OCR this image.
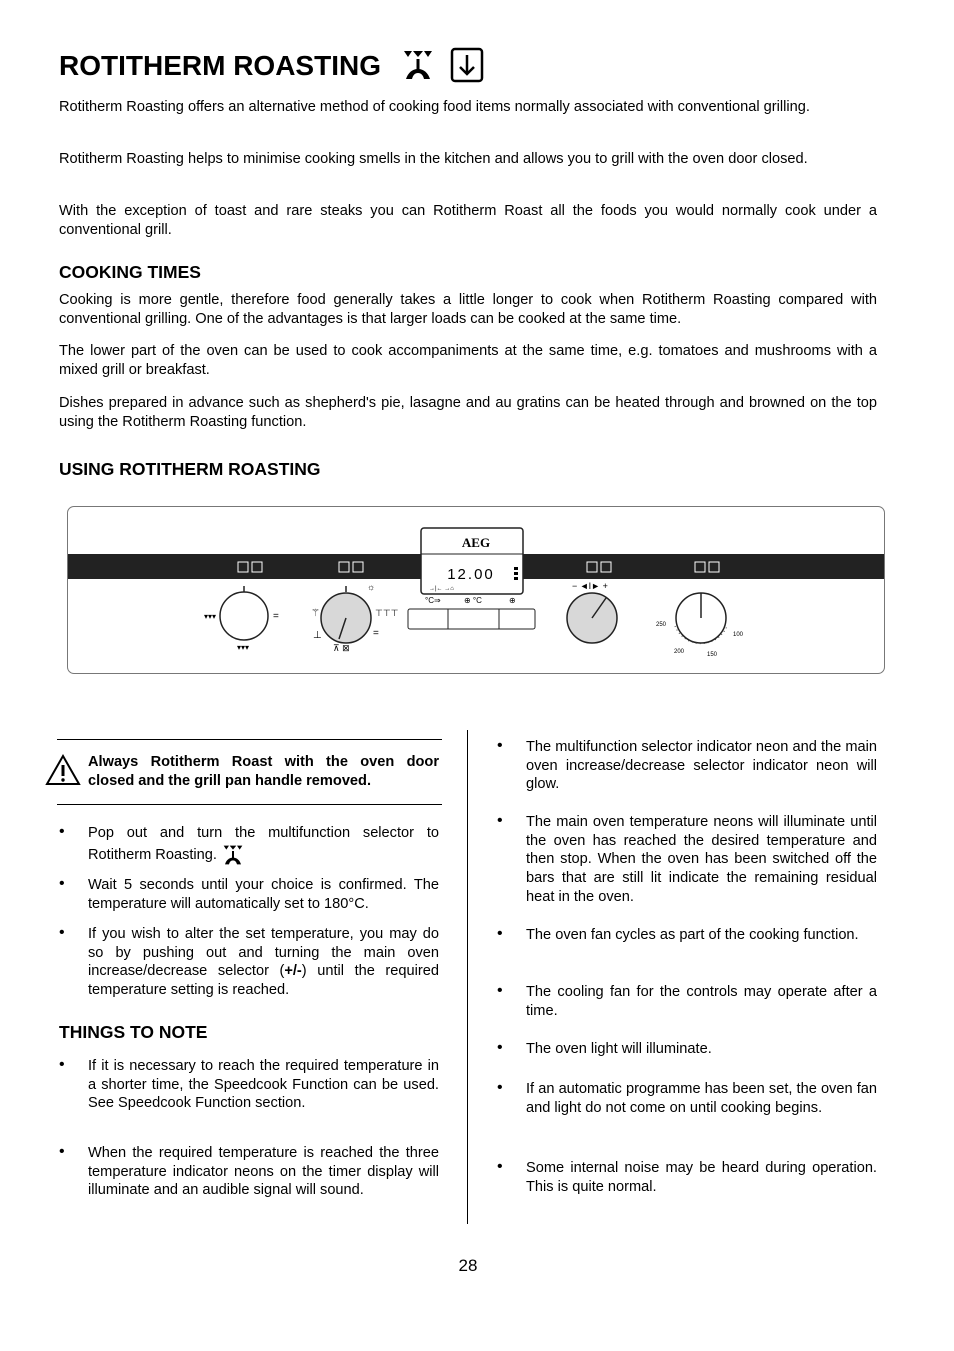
ROTITHERM ROASTING

Rotitherm Roasting offers an alternative method of cooking food items normally associated with conventional grilling.

Rotitherm Roasting helps to minimise cooking smells in the kitchen and allows you to grill with the oven door closed.

With the exception of toast and rare steaks you can Rotitherm Roast all the foods you would normally cook under a conventional grill.

COOKING TIMES

Cooking is more gentle, therefore food generally takes a little longer to cook when Rotitherm Roasting compared with conventional grilling. One of the advantages is that larger loads can be cooked at the same time.

The lower part of the oven can be used to cook accompaniments at the same time, e.g. tomatoes and mushrooms with a mixed grill or breakfast.

Dishes prepared in advance such as shepherd's pie, lasagne and au gratins can be heated through and browned on the top using the Rotitherm Roasting function.

USING ROTITHERM ROASTING
AEG
12.00
°C
→|← →⌂
°C⇒	⊕ °C	⊕
▾▾▾	=
▾▾▾
⚚
☼
⊤⊤⊤
⊥	=
⊼ ⊠
− ◄I► +
250
100
200	150
Always Rotitherm Roast with the oven door closed and the grill pan handle removed.
• Pop out and turn the multifunction selector to Rotitherm Roasting.
• Wait 5 seconds until your choice is confirmed. The temperature will automatically set to 180°C.
• If you wish to alter the set temperature, you may do so by pushing out and turning the main oven increase/decrease selector (+/-) until the required temperature setting is reached.
THINGS TO NOTE
• If it is necessary to reach the required temperature in a shorter time, the Speedcook Function can be used. See Speedcook Function section.
• When the required temperature is reached the three temperature indicator neons on the timer display will illuminate and an audible signal will sound.
• The multifunction selector indicator neon and the main oven increase/decrease selector indicator neon will glow.
• The main oven temperature neons will illuminate until the oven has reached the desired temperature and then stop. When the oven has been switched off the bars that are still lit indicate the remaining residual heat in the oven.
• The oven fan cycles as part of the cooking function.
• The cooling fan for the controls may operate after a time.
• The oven light will illuminate.
• If an automatic programme has been set, the oven fan and light do not come on until cooking begins.
• Some internal noise may be heard during operation. This is quite normal.
28
